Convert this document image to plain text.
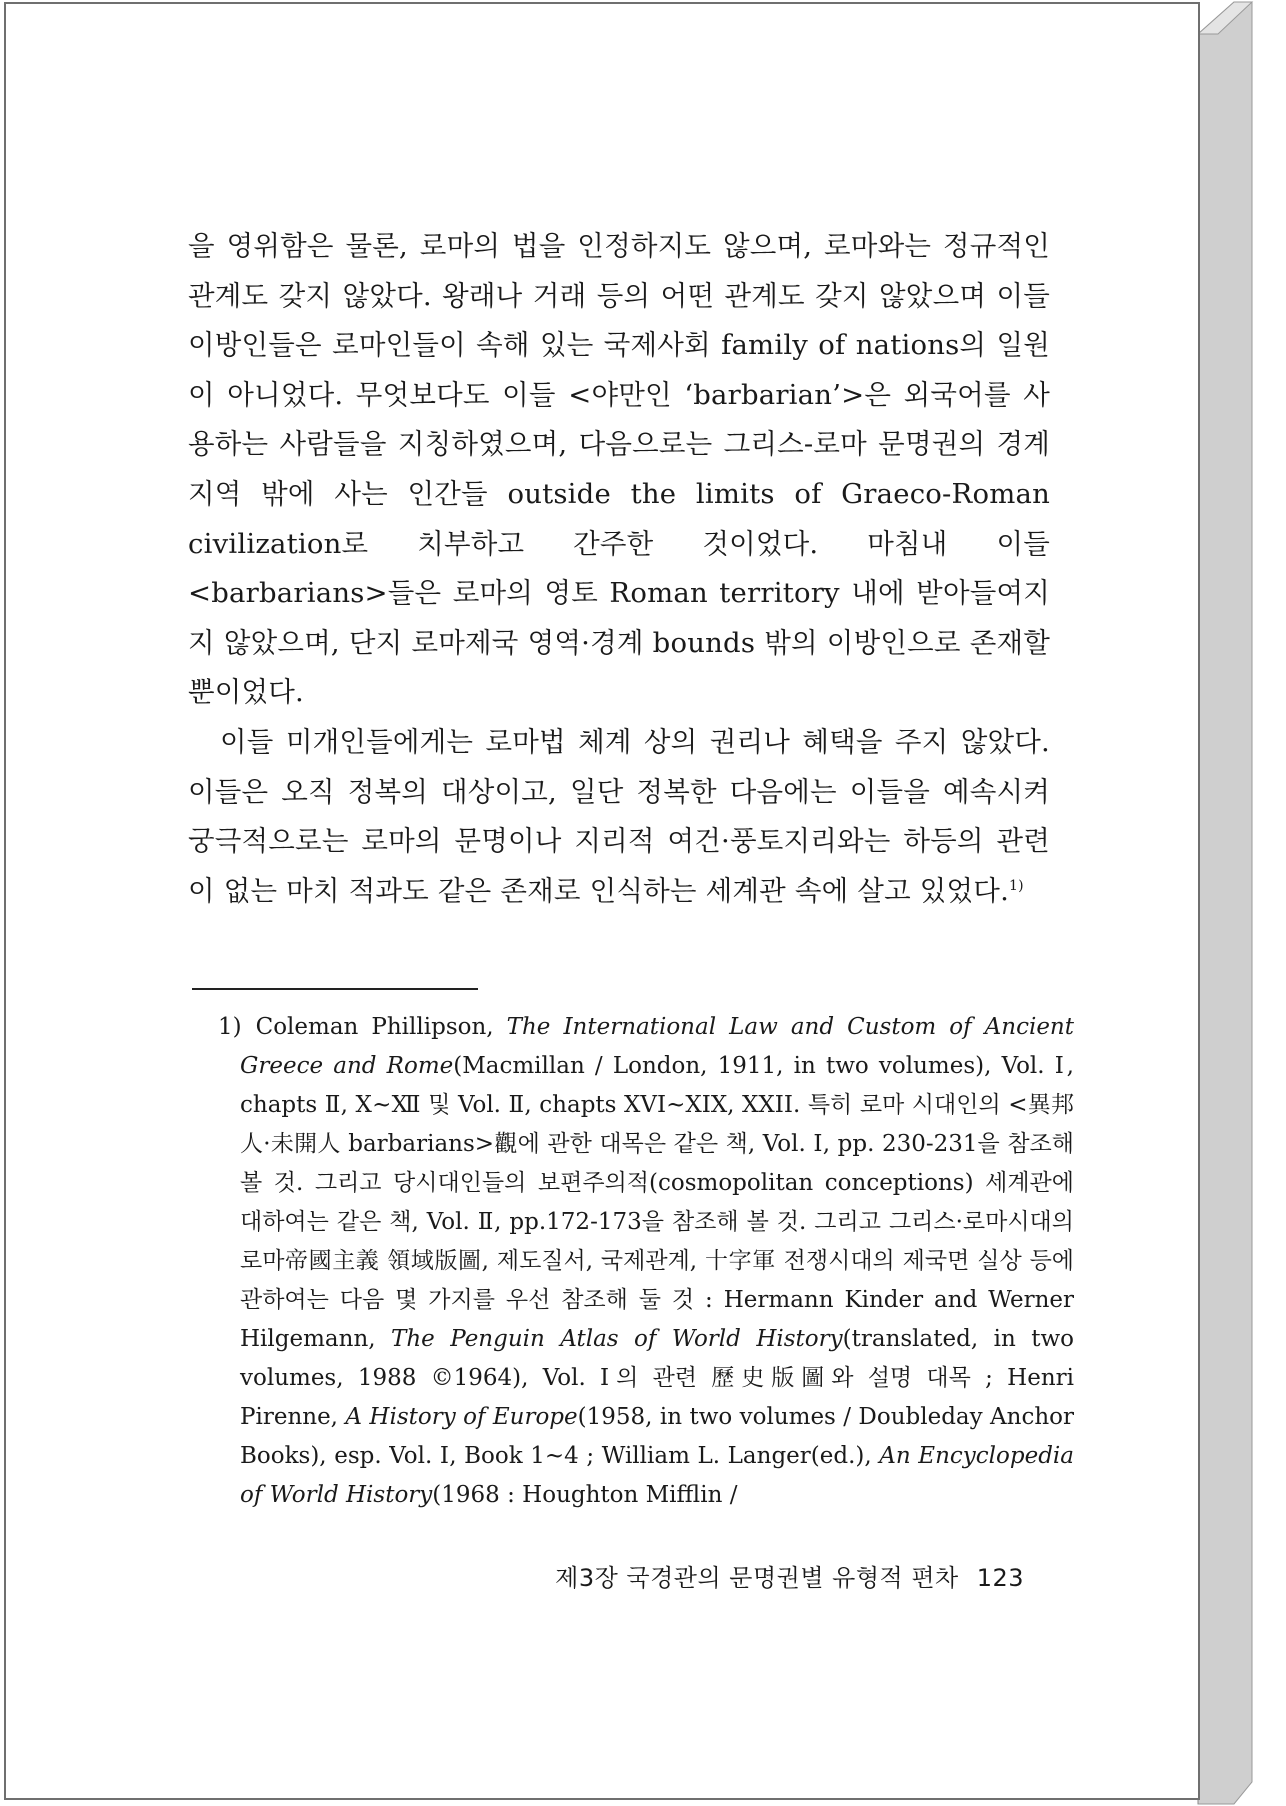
을 영위함은 물론, 로마의 법을 인정하지도 않으며, 로마와는 정규적인 관계도 갖지 않았다. 왕래나 거래 등의 어떤 관계도 갖지 않았으며 이들 이방인들은 로마인들이 속해 있는 국제사회 family of nations의 일원이 아니었다. 무엇보다도 이들 <야만인 ‘barbarian’>은 외국어를 사용하는 사람들을 지칭하였으며, 다음으로는 그리스-로마 문명권의 경계 지역 밖에 사는 인간들 outside the limits of Graeco-Roman civilization로 치부하고 간주한 것이었다. 마침내 이들 <barbarians>들은 로마의 영토 Roman territory 내에 받아들여지지 않았으며, 단지 로마제국 영역·경계 bounds 밖의 이방인으로 존재할 뿐이었다.

이들 미개인들에게는 로마법 체계 상의 권리나 혜택을 주지 않았다. 이들은 오직 정복의 대상이고, 일단 정복한 다음에는 이들을 예속시켜 궁극적으로는 로마의 문명이나 지리적 여건·풍토지리와는 하등의 관련이 없는 마치 적과도 같은 존재로 인식하는 세계관 속에 살고 있었다.$^{1)}$

1) Coleman Phillipson, The International Law and Custom of Ancient Greece and Rome(Macmillan / London, 1911, in two volumes), Vol. Ⅰ, chapts Ⅱ, Ⅹ~Ⅻ 및 Vol. Ⅱ, chapts XVI~XIX, XXII. 특히 로마 시대인의 <異邦人·未開人 barbarians>觀에 관한 대목은 같은 책, Vol. Ⅰ, pp. 230-231을 참조해 볼 것. 그리고 당시대인들의 보편주의적(cosmopolitan conceptions) 세계관에 대하여는 같은 책, Vol. Ⅱ, pp.172-173을 참조해 볼 것. 그리고 그리스·로마시대의 로마帝國主義 領域版圖, 제도질서, 국제관계, 十字軍 전쟁시대의 제국면 실상 등에 관하여는 다음 몇 가지를 우선 참조해 둘 것 : Hermann Kinder and Werner Hilgemann, The Penguin Atlas of World History(translated, in two volumes, 1988 ©1964), Vol. Ⅰ의 관련 歷史版圖와 설명 대목 ; Henri Pirenne, A History of Europe(1958, in two volumes / Doubleday Anchor Books), esp. Vol. Ⅰ, Book 1~4 ; William L. Langer(ed.), An Encyclopedia of World History(1968 : Houghton Mifflin /
제3장 국경관의 문명권별 유형적 편차 123
